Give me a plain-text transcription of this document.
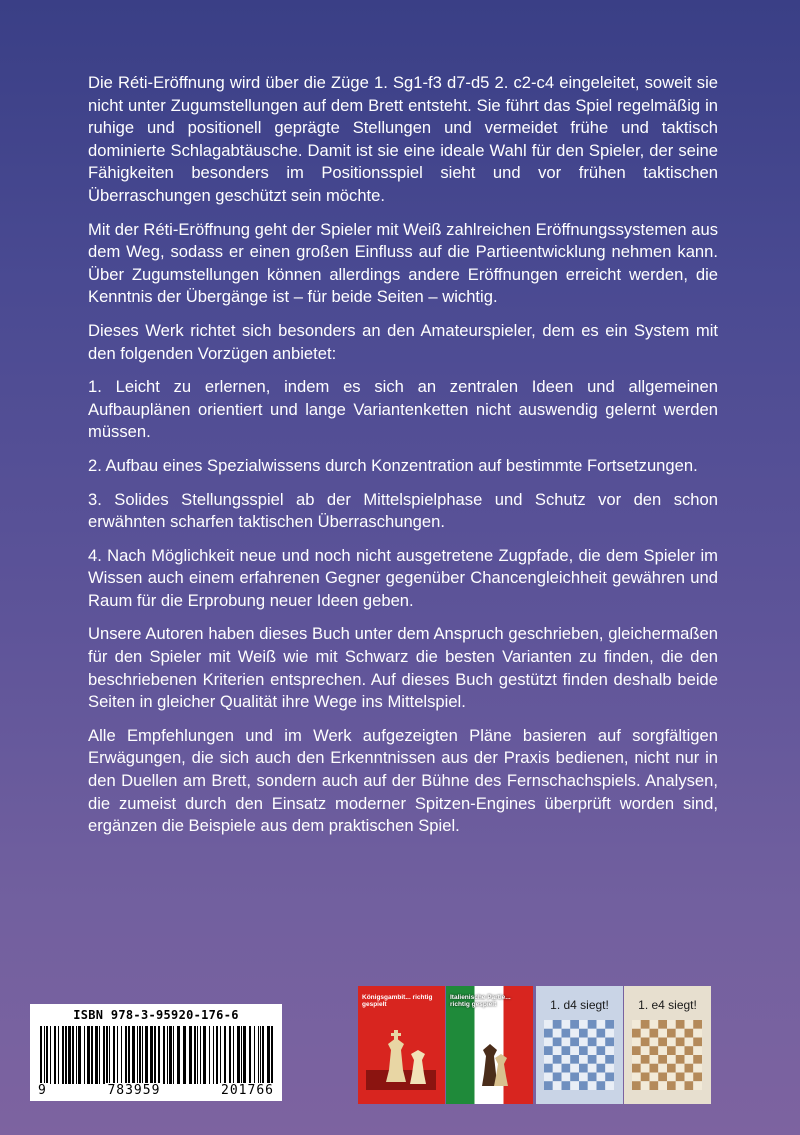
Die Réti-Eröffnung wird über die Züge 1. Sg1-f3 d7-d5 2. c2-c4 eingeleitet, soweit sie nicht unter Zugumstellungen auf dem Brett entsteht. Sie führt das Spiel regelmäßig in ruhige und positionell geprägte Stellungen und vermeidet frühe und taktisch dominierte Schlagabtäusche. Damit ist sie eine ideale Wahl für den Spieler, der seine Fähigkeiten besonders im Positionsspiel sieht und vor frühen taktischen Überraschungen geschützt sein möchte.

Mit der Réti-Eröffnung geht der Spieler mit Weiß zahlreichen Eröffnungssystemen aus dem Weg, sodass er einen großen Einfluss auf die Partieentwicklung nehmen kann. Über Zugumstellungen können allerdings andere Eröffnungen erreicht werden, die Kenntnis der Übergänge ist – für beide Seiten – wichtig.

Dieses Werk richtet sich besonders an den Amateurspieler, dem es ein System mit den folgenden Vorzügen anbietet:

1. Leicht zu erlernen, indem es sich an zentralen Ideen und allgemeinen Aufbauplänen orientiert und lange Variantenketten nicht auswendig gelernt werden müssen.

2. Aufbau eines Spezialwissens durch Konzentration auf bestimmte Fortsetzungen.

3. Solides Stellungsspiel ab der Mittelspielphase und Schutz vor den schon erwähnten scharfen taktischen Überraschungen.

4. Nach Möglichkeit neue und noch nicht ausgetretene Zugpfade, die dem Spieler im Wissen auch einem erfahrenen Gegner gegenüber Chancengleichheit gewähren und Raum für die Erprobung neuer Ideen geben.

Unsere Autoren haben dieses Buch unter dem Anspruch geschrieben, gleichermaßen für den Spieler mit Weiß wie mit Schwarz die besten Varianten zu finden, die den beschriebenen Kriterien entsprechen. Auf dieses Buch gestützt finden deshalb beide Seiten in gleicher Qualität ihre Wege ins Mittelspiel.

Alle Empfehlungen und im Werk aufgezeigten Pläne basieren auf sorgfältigen Erwägungen, die sich auch den Erkenntnissen aus der Praxis bedienen, nicht nur in den Duellen am Brett, sondern auch auf der Bühne des Fernschachspiels. Analysen, die zumeist durch den Einsatz moderner Spitzen-Engines überprüft worden sind, ergänzen die Beispiele aus dem praktischen Spiel.

ISBN 978-3-95920-176-6
9	783959	201766
Königsgambit... richtig gespielt
Italienische Partie... richtig gespielt	1. d4 siegt!	1. e4 siegt!
